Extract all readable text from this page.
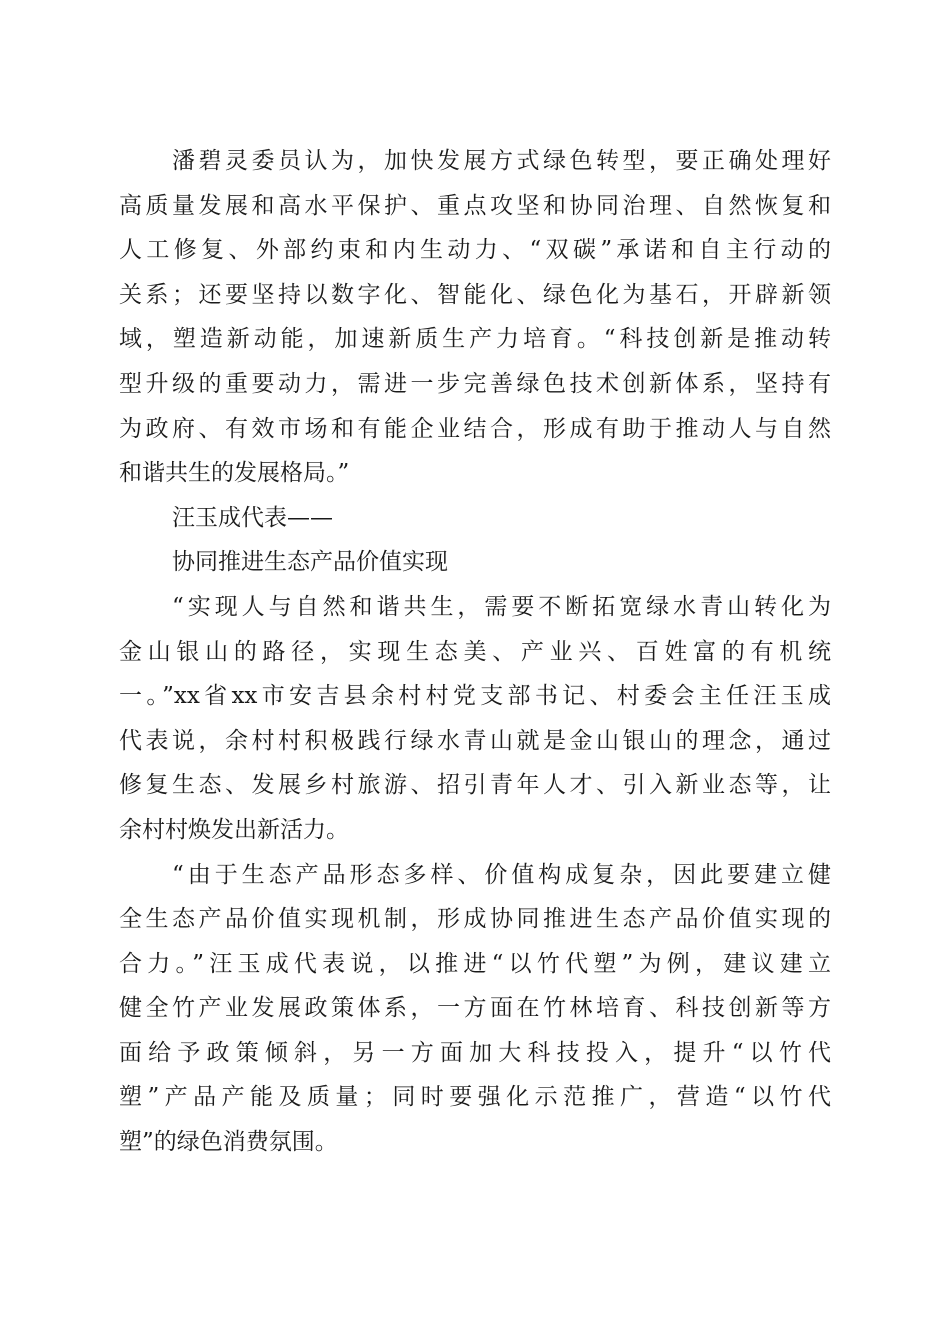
潘碧灵委员认为，加快发展方式绿色转型，要正确处理好
高质量发展和高水平保护、重点攻坚和协同治理、自然恢复和
人工修复、外部约束和内生动力、“双碳”承诺和自主行动的
关系；还要坚持以数字化、智能化、绿色化为基石，开辟新领
域，塑造新动能，加速新质生产力培育。“科技创新是推动转
型升级的重要动力，需进一步完善绿色技术创新体系，坚持有
为政府、有效市场和有能企业结合，形成有助于推动人与自然
和谐共生的发展格局。”
汪玉成代表——
协同推进生态产品价值实现
“实现人与自然和谐共生，需要不断拓宽绿水青山转化为
金山银山的路径，实现生态美、产业兴、百姓富的有机统
一。”xx省xx市安吉县余村村党支部书记、村委会主任汪玉成
代表说，余村村积极践行绿水青山就是金山银山的理念，通过
修复生态、发展乡村旅游、招引青年人才、引入新业态等，让
余村村焕发出新活力。
“由于生态产品形态多样、价值构成复杂，因此要建立健
全生态产品价值实现机制，形成协同推进生态产品价值实现的
合力。”汪玉成代表说，以推进“以竹代塑”为例，建议建立
健全竹产业发展政策体系，一方面在竹林培育、科技创新等方
面给予政策倾斜，另一方面加大科技投入，提升“以竹代
塑”产品产能及质量；同时要强化示范推广，营造“以竹代
塑”的绿色消费氛围。
